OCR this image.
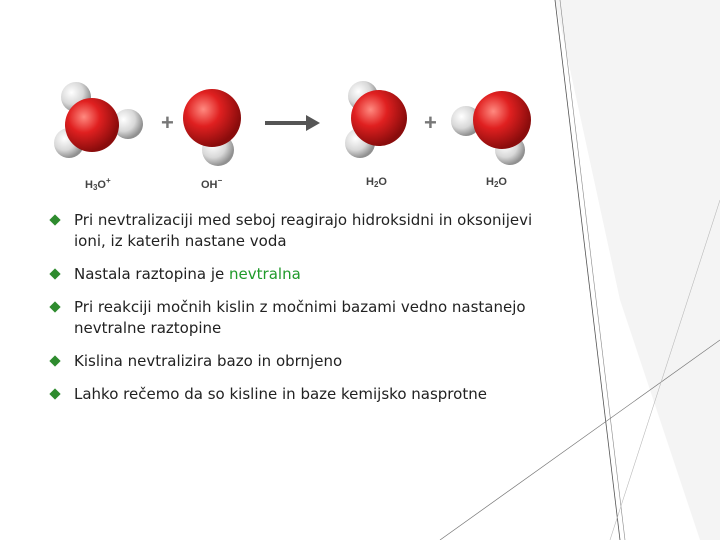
+	+
$H_3O^+$	OH−	$H_2O$	$H_2O$
Pri nevtralizaciji med seboj reagirajo hidroksidni in oksonijevi ioni, iz katerih nastane voda
Nastala raztopina je nevtralna
Pri reakciji močnih kislin z močnimi bazami vedno nastanejo nevtralne raztopine
Kislina nevtralizira bazo in obrnjeno
Lahko rečemo da so kisline in baze kemijsko nasprotne
